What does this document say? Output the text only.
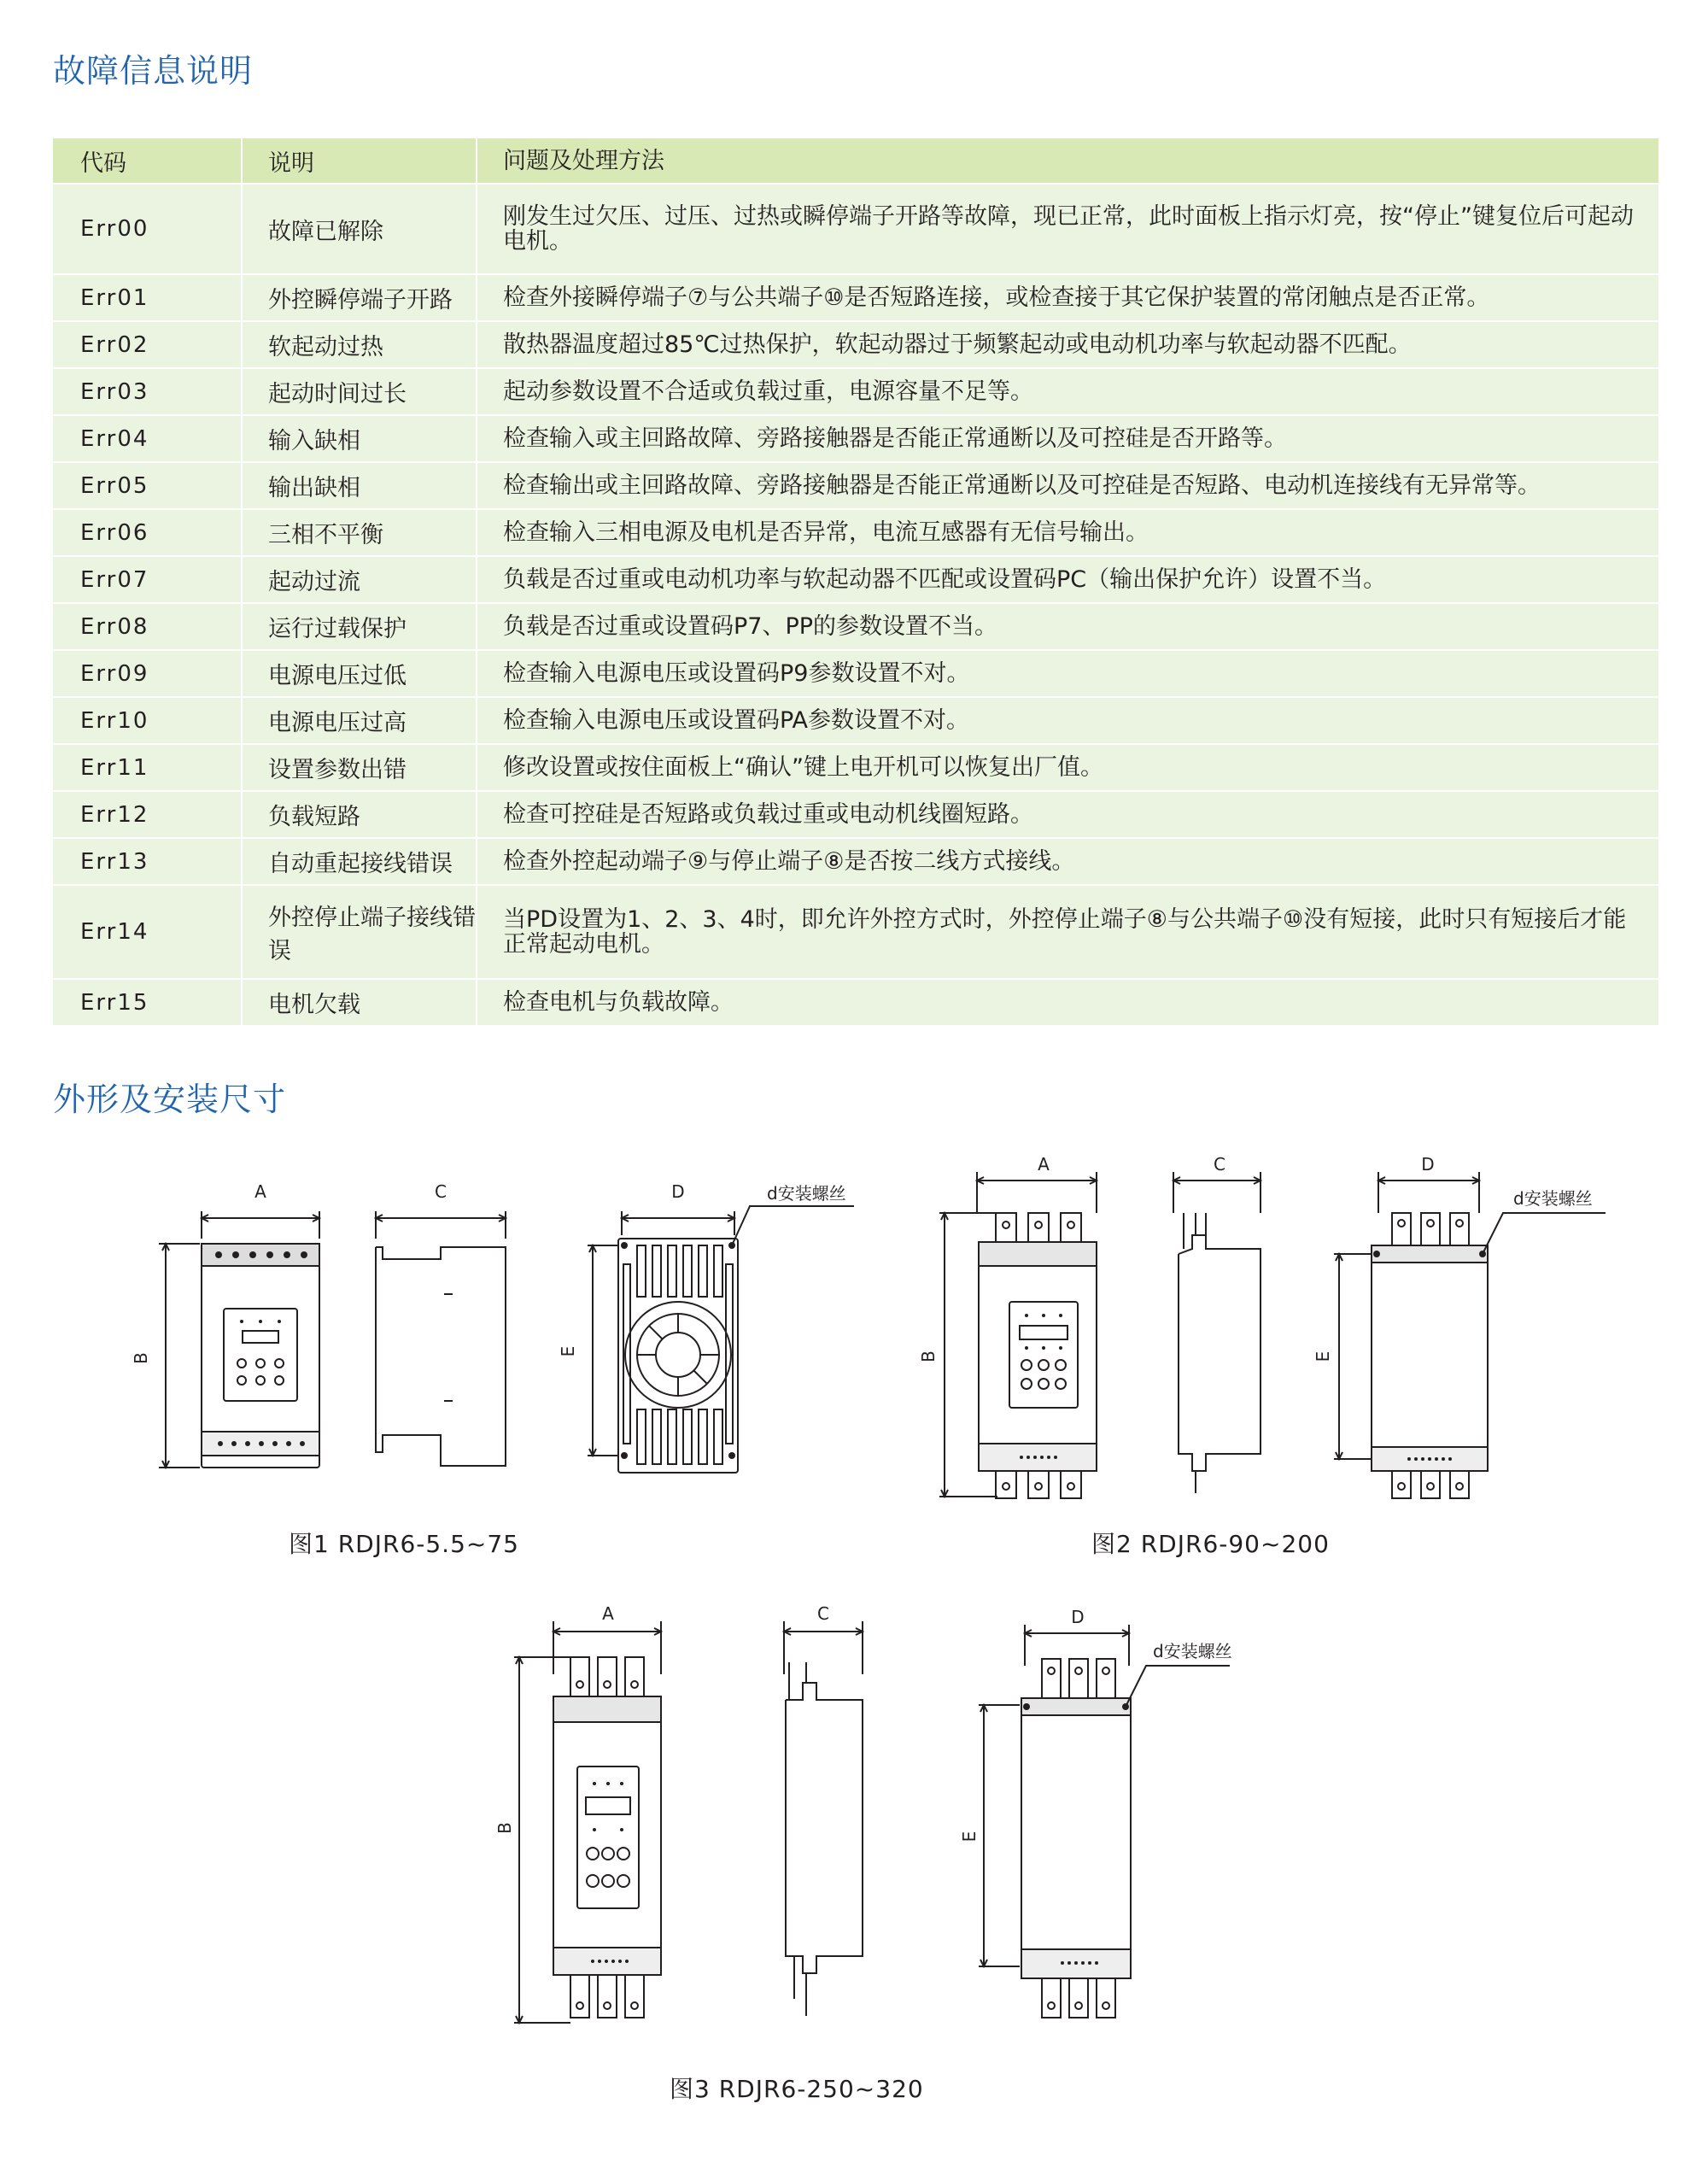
故障信息说明
代码	说明	问题及处理方法
Err00	故障已解除	刚发生过欠压、过压、过热或瞬停端子开路等故障，现已正常，此时面板上指示灯亮，按“停止”键复位后可起动电机。
Err01	外控瞬停端子开路	检查外接瞬停端子⑦与公共端子⑩是否短路连接，或检查接于其它保护装置的常闭触点是否正常。
Err02	软起动过热	散热器温度超过85℃过热保护，软起动器过于频繁起动或电动机功率与软起动器不匹配。
Err03	起动时间过长	起动参数设置不合适或负载过重，电源容量不足等。
Err04	输入缺相	检查输入或主回路故障、旁路接触器是否能正常通断以及可控硅是否开路等。
Err05	输出缺相	检查输出或主回路故障、旁路接触器是否能正常通断以及可控硅是否短路、电动机连接线有无异常等。
Err06	三相不平衡	检查输入三相电源及电机是否异常，电流互感器有无信号输出。
Err07	起动过流	负载是否过重或电动机功率与软起动器不匹配或设置码PC（输出保护允许）设置不当。
Err08	运行过载保护	负载是否过重或设置码P7、PP的参数设置不当。
Err09	电源电压过低	检查输入电源电压或设置码P9参数设置不对。
Err10	电源电压过高	检查输入电源电压或设置码PA参数设置不对。
Err11	设置参数出错	修改设置或按住面板上“确认”键上电开机可以恢复出厂值。
Err12	负载短路	检查可控硅是否短路或负载过重或电动机线圈短路。
Err13	自动重起接线错误	检查外控起动端子⑨与停止端子⑧是否按二线方式接线。
Err14	外控停止端子接线错误	当PD设置为1、2、3、4时，即允许外控方式时，外控停止端子⑧与公共端子⑩没有短接，此时只有短接后才能正常起动电机。
Err15	电机欠载	检查电机与负载故障。
外形及安装尺寸
A
B
C	D
E
d安装螺丝
A
B
C	D
E
d安装螺丝
A
B
C	D
E
d安装螺丝
图1 RDJR6-5.5~75	图2 RDJR6-90~200
图3 RDJR6-250~320
